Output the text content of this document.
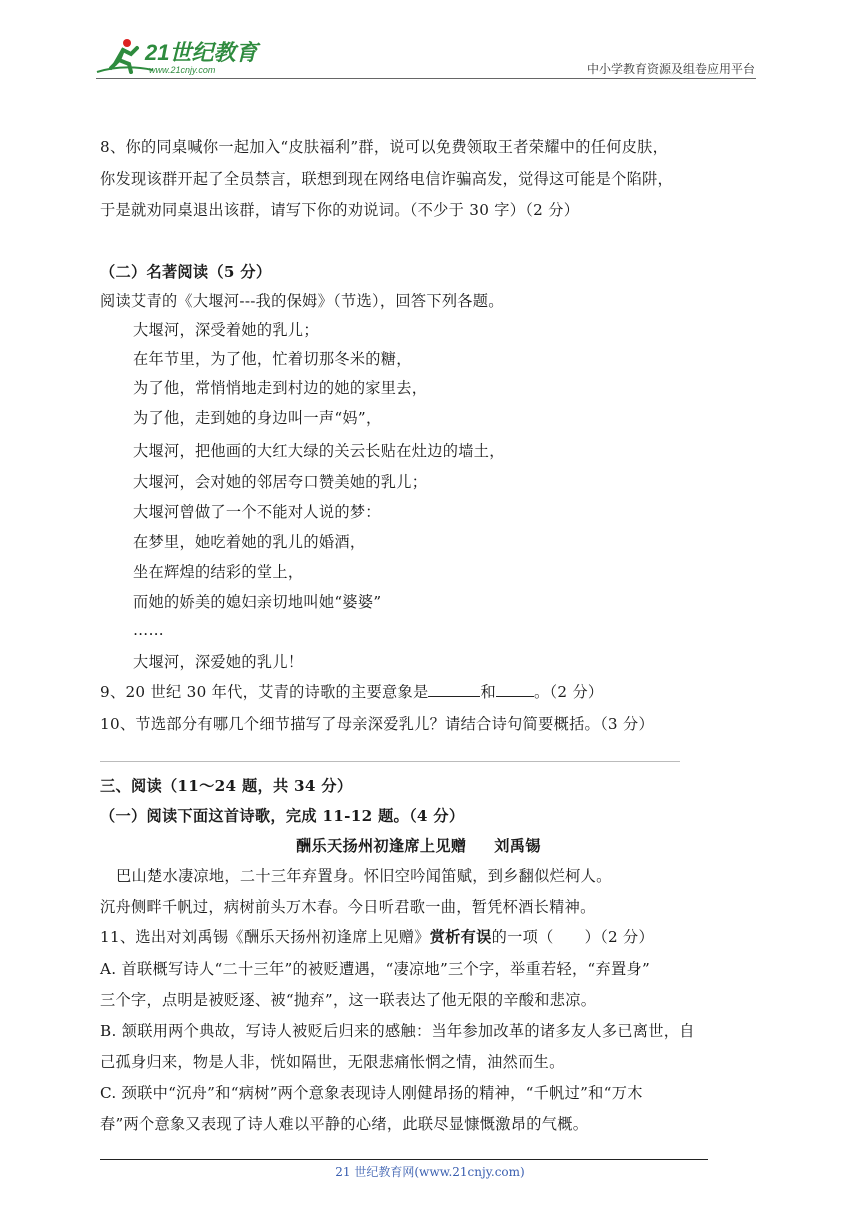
21世纪教育
www.21cnjy.com	中小学教育资源及组卷应用平台
8、你的同桌喊你一起加入“皮肤福利”群，说可以免费领取王者荣耀中的任何皮肤，
你发现该群开起了全员禁言，联想到现在网络电信诈骗高发，觉得这可能是个陷阱，
于是就劝同桌退出该群，请写下你的劝说词。（不少于 30 字）（2 分）
（二）名著阅读（5 分）
阅读艾青的《大堰河---我的保姆》（节选），回答下列各题。
大堰河，深受着她的乳儿；
在年节里，为了他，忙着切那冬米的糖，
为了他，常悄悄地走到村边的她的家里去，
为了他，走到她的身边叫一声“妈”，
大堰河，把他画的大红大绿的关云长贴在灶边的墙土，
大堰河，会对她的邻居夸口赞美她的乳儿；
大堰河曾做了一个不能对人说的梦：
在梦里，她吃着她的乳儿的婚酒，
坐在辉煌的结彩的堂上，
而她的娇美的媳妇亲切地叫她“婆婆”
……
大堰河，深爱她的乳儿！
9、20 世纪 30 年代，艾青的诗歌的主要意象是	和	。（2 分）
10、节选部分有哪几个细节描写了母亲深爱乳儿？请结合诗句简要概括。（3 分）
三、阅读（11～24 题，共 34 分）
（一）阅读下面这首诗歌，完成 11-12 题。（4 分）
酬乐天扬州初逢席上见赠     刘禹锡
巴山楚水凄凉地，二十三年弃置身。怀旧空吟闻笛赋，到乡翻似烂柯人。
沉舟侧畔千帆过，病树前头万木春。今日听君歌一曲，暂凭杯酒长精神。
11、选出对刘禹锡《酬乐天扬州初逢席上见赠》赏析有误的一项（　　）（2 分）
A. 首联概写诗人“二十三年”的被贬遭遇，“凄凉地”三个字，举重若轻，“弃置身”
三个字，点明是被贬逐、被“抛弃”，这一联表达了他无限的辛酸和悲凉。
B. 颔联用两个典故，写诗人被贬后归来的感触：当年参加改革的诸多友人多已离世，自
己孤身归来，物是人非，恍如隔世，无限悲痛怅惘之情，油然而生。
C. 颈联中“沉舟”和“病树”两个意象表现诗人刚健昂扬的精神，“千帆过”和“万木
春”两个意象又表现了诗人难以平静的心绪，此联尽显慷慨激昂的气概。
21 世纪教育网(www.21cnjy.com)
